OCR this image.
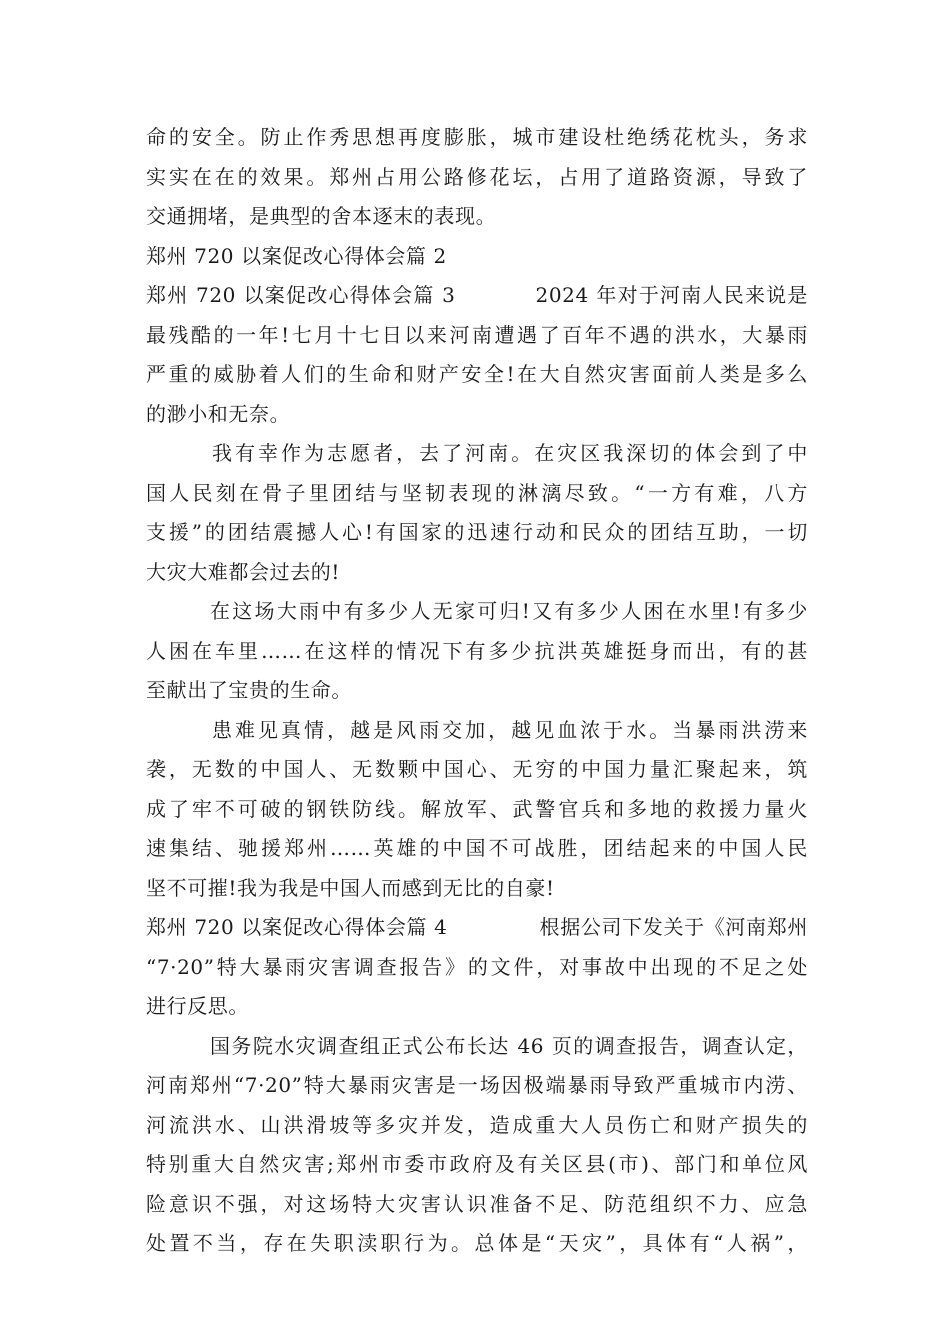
命的安全。防止作秀思想再度膨胀，城市建设杜绝绣花枕头，务求
实实在在的效果。郑州占用公路修花坛，占用了道路资源，导致了
交通拥堵，是典型的舍本逐末的表现。
郑州 720 以案促改心得体会篇 2
郑州 720 以案促改心得体会篇 3	2024 年对于河南人民来说是
最残酷的一年!七月十七日以来河南遭遇了百年不遇的洪水，大暴雨
严重的威胁着人们的生命和财产安全!在大自然灾害面前人类是多么
的渺小和无奈。
我有幸作为志愿者，去了河南。在灾区我深切的体会到了中
国人民刻在骨子里团结与坚韧表现的淋漓尽致。“一方有难，八方
支援”的团结震撼人心!有国家的迅速行动和民众的团结互助，一切
大灾大难都会过去的!
在这场大雨中有多少人无家可归!又有多少人困在水里!有多少
人困在车里……在这样的情况下有多少抗洪英雄挺身而出，有的甚
至献出了宝贵的生命。
患难见真情，越是风雨交加，越见血浓于水。当暴雨洪涝来
袭，无数的中国人、无数颗中国心、无穷的中国力量汇聚起来，筑
成了牢不可破的钢铁防线。解放军、武警官兵和多地的救援力量火
速集结、驰援郑州……英雄的中国不可战胜，团结起来的中国人民
坚不可摧!我为我是中国人而感到无比的自豪!
郑州 720 以案促改心得体会篇 4	根据公司下发关于《河南郑州
“7·20”特大暴雨灾害调查报告》的文件，对事故中出现的不足之处
进行反思。
国务院水灾调查组正式公布长达 46 页的调查报告，调查认定，
河南郑州“7·20”特大暴雨灾害是一场因极端暴雨导致严重城市内涝、
河流洪水、山洪滑坡等多灾并发，造成重大人员伤亡和财产损失的
特别重大自然灾害;郑州市委市政府及有关区县(市)、部门和单位风
险意识不强，对这场特大灾害认识准备不足、防范组织不力、应急
处置不当，存在失职渎职行为。总体是“天灾”，具体有“人祸”，
